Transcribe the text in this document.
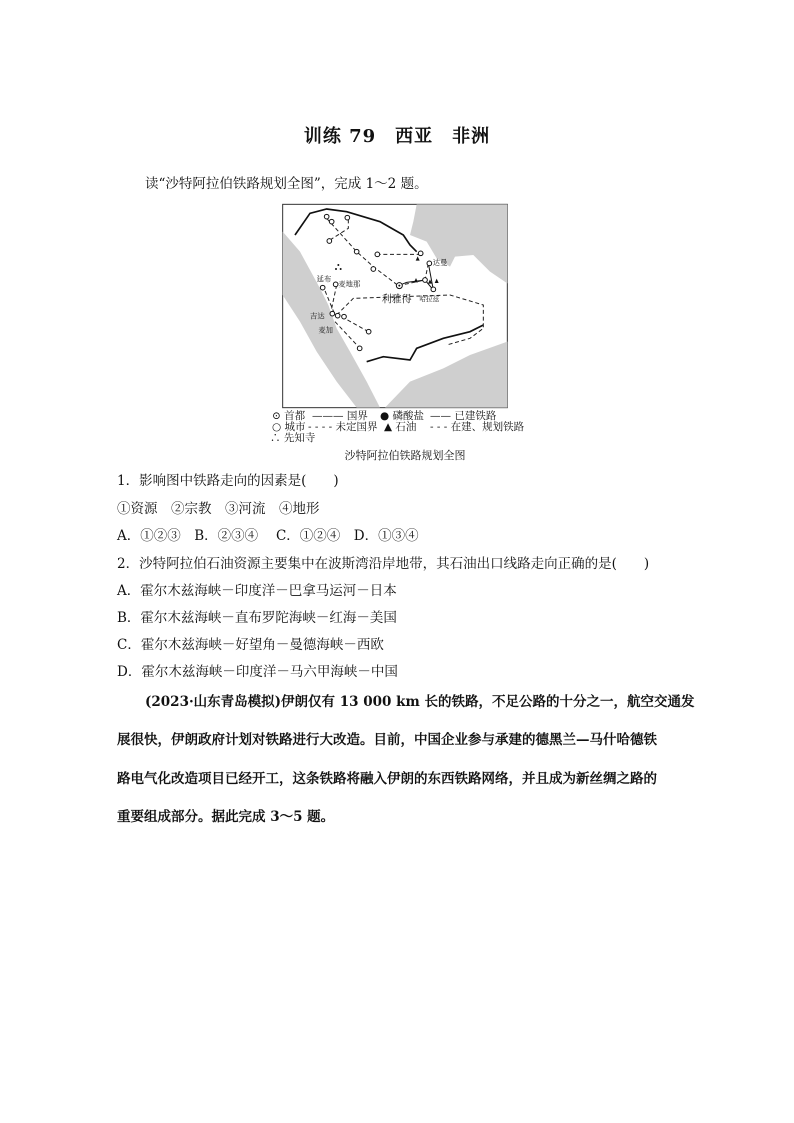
训练 79　西亚　非洲
读“沙特阿拉伯铁路规划全图”，完成 1～2 题。
达曼
延布
麦地那
利雅得 哈拉兹
吉达
麦加
⊙ 首都 ——— 国界 ● 磷酸盐 —— 已建铁路
○ 城市 - - - - 未定国界 ▲ 石油 - - - 在建、规划铁路
∴ 先知寺
沙特阿拉伯铁路规划全图
1．影响图中铁路走向的因素是(　　)
①资源　②宗教　③河流　④地形
A．①②③　B．②③④　 C．①②④　D．①③④
2．沙特阿拉伯石油资源主要集中在波斯湾沿岸地带，其石油出口线路走向正确的是(　　)
A．霍尔木兹海峡－印度洋－巴拿马运河－日本
B．霍尔木兹海峡－直布罗陀海峡－红海－美国
C．霍尔木兹海峡－好望角－曼德海峡－西欧
D．霍尔木兹海峡－印度洋－马六甲海峡－中国
(2023·山东青岛模拟)伊朗仅有 13 000 km 长的铁路，不足公路的十分之一，航空交通发
展很快，伊朗政府计划对铁路进行大改造。目前，中国企业参与承建的德黑兰—马什哈德铁
路电气化改造项目已经开工，这条铁路将融入伊朗的东西铁路网络，并且成为新丝绸之路的
重要组成部分。据此完成 3～5 题。
